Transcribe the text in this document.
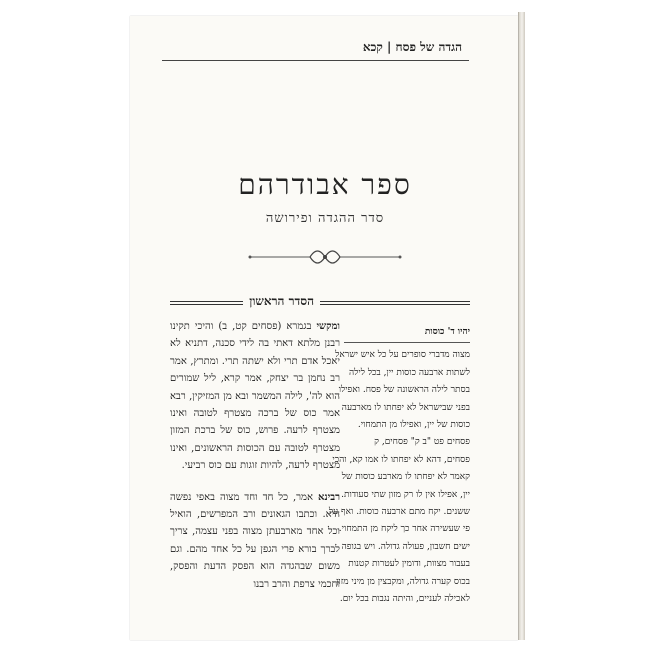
הגדה של פסח | קכא
ספר אבודרהם
סדר ההגדה ופירושה
הסדר הראשון
יהיו ד' כוסות
מצוה מדברי סופרים על כל איש ישראל
לשתות ארבעה כוסות יין, בכל לילה
בסתר לילה הראשונה של פסח. ואפילו
בפני שבישראל לא יפחתו לו מארבעה
כוסות של יין, ואפילו מן התמחוי.
פסחים פט "ב ק" פסחים, ק
פסחים, דהא לא יפחתו לו אמו קא, והכי
קאמר לא יפחתו לו מארבע כוסות של
יין, אפילו אין לו רק מזון שתי סעודות.
ששנים. יקח מתם ארבעה כוסות. ואף על
פי שעשירה אחר כך ליקח מן התמחוי.
ישים חשבון, פעולה גדולה. ויש בגופה
בעבור מצוות, ודומין לעטרות קטנות
בכוס קערה גדולה, ומקבצין מן מיני מזון
לאכילה לעניים, והיתה נגבות בכל יום.

ומקשי בגמרא (פסחים קט, ב) והיכי תקינו רבנן מלתא דאתי בה לידי סכנה, דתניא לא יאכל אדם תרי ולא ישתה תרי. ומתרץ, אמר רב נחמן בר יצחק, אמר קרא, ליל שמורים הוא לה', לילה המשמר ובא מן המזיקין, רבא אמר כוס של ברכה מצטרף לטובה ואינו מצטרף לרעה. פרוש, כוס של ברכת המזון מצטרף לטובה עם הכוסות הראשונים, ואינו מצטרף לרעה, להיות זוגות עם כוס רביעי.

רבינא אמר, כל חד וחד מצוה באפי נפשה היא. וכתבו הגאונים ורב המפרשים, הואיל וכל אחד מארבעתן מצוה בפני עצמה, צריך לברך בורא פרי הגפן על כל אחד מהם. וגם משום שבהגדה הוא הפסק הדעת והפסק, וחכמי צרפת והרב רבנו
